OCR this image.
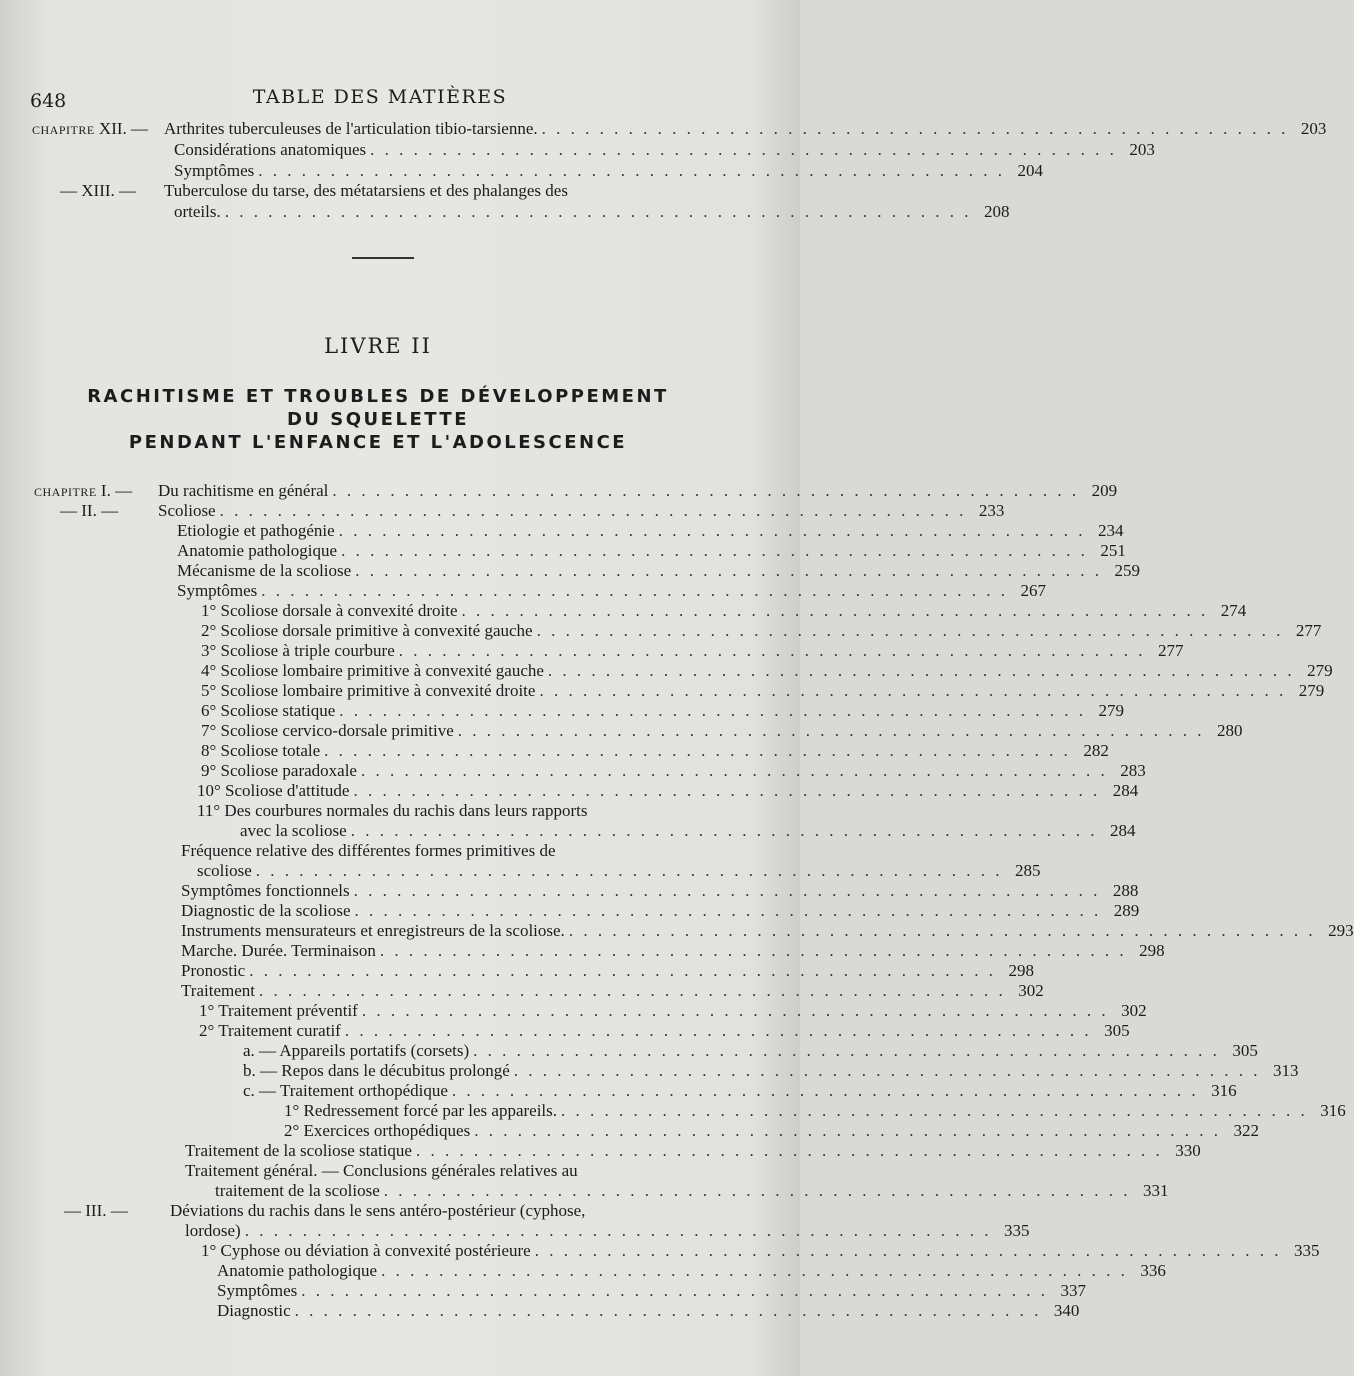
648	TABLE DES MATIÈRES
CHAPITRE XII. — Arthrites tuberculeuses de l'articulation tibio-tarsienne. . . . . . . . . . . . . . . . . . . . . . . . . . . . . . . . . . . . . . . . . . . . . . . . . . . . . 203
Considérations anatomiques . . . . . . . . . . . . . . . . . . . . . . . . . . . . . . . . . . . . . . . . . . . . . . . . . . . . 203
Symptômes . . . . . . . . . . . . . . . . . . . . . . . . . . . . . . . . . . . . . . . . . . . . . . . . . . . . 204
— XIII. — Tuberculose du tarse, des métatarsiens et des phalanges des
orteils. . . . . . . . . . . . . . . . . . . . . . . . . . . . . . . . . . . . . . . . . . . . . . . . . . . . . 208
LIVRE II
RACHITISME ET TROUBLES DE DÉVELOPPEMENT
DU SQUELETTE
PENDANT L'ENFANCE ET L'ADOLESCENCE
CHAPITRE I. — Du rachitisme en général . . . . . . . . . . . . . . . . . . . . . . . . . . . . . . . . . . . . . . . . . . . . . . . . . . . . 209
— II. — Scoliose . . . . . . . . . . . . . . . . . . . . . . . . . . . . . . . . . . . . . . . . . . . . . . . . . . . . 233
Etiologie et pathogénie . . . . . . . . . . . . . . . . . . . . . . . . . . . . . . . . . . . . . . . . . . . . . . . . . . . . 234
Anatomie pathologique . . . . . . . . . . . . . . . . . . . . . . . . . . . . . . . . . . . . . . . . . . . . . . . . . . . . 251
Mécanisme de la scoliose . . . . . . . . . . . . . . . . . . . . . . . . . . . . . . . . . . . . . . . . . . . . . . . . . . . . 259
Symptômes . . . . . . . . . . . . . . . . . . . . . . . . . . . . . . . . . . . . . . . . . . . . . . . . . . . . 267
1° Scoliose dorsale à convexité droite . . . . . . . . . . . . . . . . . . . . . . . . . . . . . . . . . . . . . . . . . . . . . . . . . . . . 274
2° Scoliose dorsale primitive à convexité gauche . . . . . . . . . . . . . . . . . . . . . . . . . . . . . . . . . . . . . . . . . . . . . . . . . . . . 277
3° Scoliose à triple courbure . . . . . . . . . . . . . . . . . . . . . . . . . . . . . . . . . . . . . . . . . . . . . . . . . . . . 277
4° Scoliose lombaire primitive à convexité gauche . . . . . . . . . . . . . . . . . . . . . . . . . . . . . . . . . . . . . . . . . . . . . . . . . . . . 279
5° Scoliose lombaire primitive à convexité droite . . . . . . . . . . . . . . . . . . . . . . . . . . . . . . . . . . . . . . . . . . . . . . . . . . . . 279
6° Scoliose statique . . . . . . . . . . . . . . . . . . . . . . . . . . . . . . . . . . . . . . . . . . . . . . . . . . . . 279
7° Scoliose cervico-dorsale primitive . . . . . . . . . . . . . . . . . . . . . . . . . . . . . . . . . . . . . . . . . . . . . . . . . . . . 280
8° Scoliose totale . . . . . . . . . . . . . . . . . . . . . . . . . . . . . . . . . . . . . . . . . . . . . . . . . . . . 282
9° Scoliose paradoxale . . . . . . . . . . . . . . . . . . . . . . . . . . . . . . . . . . . . . . . . . . . . . . . . . . . . 283
10° Scoliose d'attitude . . . . . . . . . . . . . . . . . . . . . . . . . . . . . . . . . . . . . . . . . . . . . . . . . . . . 284
11° Des courbures normales du rachis dans leurs rapports
avec la scoliose . . . . . . . . . . . . . . . . . . . . . . . . . . . . . . . . . . . . . . . . . . . . . . . . . . . . 284
Fréquence relative des différentes formes primitives de
scoliose . . . . . . . . . . . . . . . . . . . . . . . . . . . . . . . . . . . . . . . . . . . . . . . . . . . . 285
Symptômes fonctionnels . . . . . . . . . . . . . . . . . . . . . . . . . . . . . . . . . . . . . . . . . . . . . . . . . . . . 288
Diagnostic de la scoliose . . . . . . . . . . . . . . . . . . . . . . . . . . . . . . . . . . . . . . . . . . . . . . . . . . . . 289
Instruments mensurateurs et enregistreurs de la scoliose. . . . . . . . . . . . . . . . . . . . . . . . . . . . . . . . . . . . . . . . . . . . . . . . . . . . . 293
Marche. Durée. Terminaison . . . . . . . . . . . . . . . . . . . . . . . . . . . . . . . . . . . . . . . . . . . . . . . . . . . . 298
Pronostic . . . . . . . . . . . . . . . . . . . . . . . . . . . . . . . . . . . . . . . . . . . . . . . . . . . . 298
Traitement . . . . . . . . . . . . . . . . . . . . . . . . . . . . . . . . . . . . . . . . . . . . . . . . . . . . 302
1° Traitement préventif . . . . . . . . . . . . . . . . . . . . . . . . . . . . . . . . . . . . . . . . . . . . . . . . . . . . 302
2° Traitement curatif . . . . . . . . . . . . . . . . . . . . . . . . . . . . . . . . . . . . . . . . . . . . . . . . . . . . 305
a. — Appareils portatifs (corsets) . . . . . . . . . . . . . . . . . . . . . . . . . . . . . . . . . . . . . . . . . . . . . . . . . . . . 305
b. — Repos dans le décubitus prolongé . . . . . . . . . . . . . . . . . . . . . . . . . . . . . . . . . . . . . . . . . . . . . . . . . . . . 313
c. — Traitement orthopédique . . . . . . . . . . . . . . . . . . . . . . . . . . . . . . . . . . . . . . . . . . . . . . . . . . . . 316
1° Redressement forcé par les appareils. . . . . . . . . . . . . . . . . . . . . . . . . . . . . . . . . . . . . . . . . . . . . . . . . . . . . 316
2° Exercices orthopédiques . . . . . . . . . . . . . . . . . . . . . . . . . . . . . . . . . . . . . . . . . . . . . . . . . . . . 322
Traitement de la scoliose statique . . . . . . . . . . . . . . . . . . . . . . . . . . . . . . . . . . . . . . . . . . . . . . . . . . . . 330
Traitement général. — Conclusions générales relatives au
traitement de la scoliose . . . . . . . . . . . . . . . . . . . . . . . . . . . . . . . . . . . . . . . . . . . . . . . . . . . . 331
— III. — Déviations du rachis dans le sens antéro-postérieur (cyphose,
lordose) . . . . . . . . . . . . . . . . . . . . . . . . . . . . . . . . . . . . . . . . . . . . . . . . . . . . 335
1° Cyphose ou déviation à convexité postérieure . . . . . . . . . . . . . . . . . . . . . . . . . . . . . . . . . . . . . . . . . . . . . . . . . . . . 335
Anatomie pathologique . . . . . . . . . . . . . . . . . . . . . . . . . . . . . . . . . . . . . . . . . . . . . . . . . . . . 336
Symptômes . . . . . . . . . . . . . . . . . . . . . . . . . . . . . . . . . . . . . . . . . . . . . . . . . . . . 337
Diagnostic . . . . . . . . . . . . . . . . . . . . . . . . . . . . . . . . . . . . . . . . . . . . . . . . . . . . 340
